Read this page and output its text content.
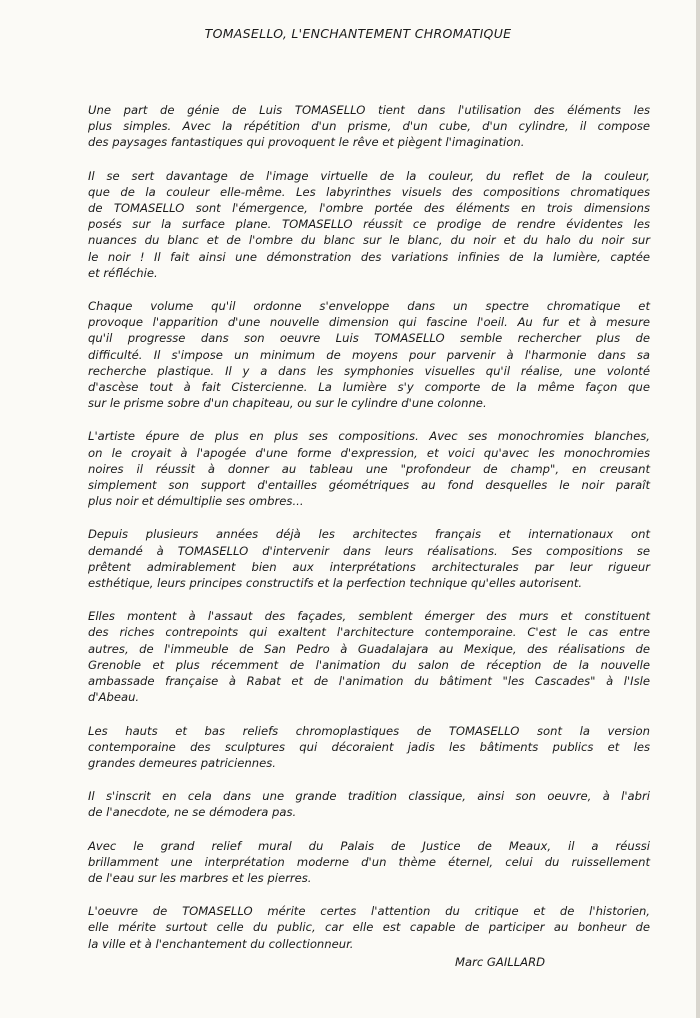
TOMASELLO, L'ENCHANTEMENT CHROMATIQUE
Une part de génie de Luis TOMASELLO tient dans l'utilisation des éléments les
plus simples. Avec la répétition d'un prisme, d'un cube, d'un cylindre, il compose
des paysages fantastiques qui provoquent le rêve et piègent l'imagination.
Il se sert davantage de l'image virtuelle de la couleur, du reflet de la couleur,
que de la couleur elle-même. Les labyrinthes visuels des compositions chromatiques
de TOMASELLO sont l'émergence, l'ombre portée des éléments en trois dimensions
posés sur la surface plane. TOMASELLO réussit ce prodige de rendre évidentes les
nuances du blanc et de l'ombre du blanc sur le blanc, du noir et du halo du noir sur
le noir ! Il fait ainsi une démonstration des variations infinies de la lumière, captée
et réfléchie.
Chaque volume qu'il ordonne s'enveloppe dans un spectre chromatique et
provoque l'apparition d'une nouvelle dimension qui fascine l'oeil. Au fur et à mesure
qu'il progresse dans son oeuvre Luis TOMASELLO semble rechercher plus de
difficulté. Il s'impose un minimum de moyens pour parvenir à l'harmonie dans sa
recherche plastique. Il y a dans les symphonies visuelles qu'il réalise, une volonté
d'ascèse tout à fait Cistercienne. La lumière s'y comporte de la même façon que
sur le prisme sobre d'un chapiteau, ou sur le cylindre d'une colonne.
L'artiste épure de plus en plus ses compositions. Avec ses monochromies blanches,
on le croyait à l'apogée d'une forme d'expression, et voici qu'avec les monochromies
noires il réussit à donner au tableau une "profondeur de champ", en creusant
simplement son support d'entailles géométriques au fond desquelles le noir paraît
plus noir et démultiplie ses ombres...
Depuis plusieurs années déjà les architectes français et internationaux ont
demandé à TOMASELLO d'intervenir dans leurs réalisations. Ses compositions se
prêtent admirablement bien aux interprétations architecturales par leur rigueur
esthétique, leurs principes constructifs et la perfection technique qu'elles autorisent.
Elles montent à l'assaut des façades, semblent émerger des murs et constituent
des riches contrepoints qui exaltent l'architecture contemporaine. C'est le cas entre
autres, de l'immeuble de San Pedro à Guadalajara au Mexique, des réalisations de
Grenoble et plus récemment de l'animation du salon de réception de la nouvelle
ambassade française à Rabat et de l'animation du bâtiment "les Cascades" à l'Isle
d'Abeau.
Les hauts et bas reliefs chromoplastiques de TOMASELLO sont la version
contemporaine des sculptures qui décoraient jadis les bâtiments publics et les
grandes demeures patriciennes.
Il s'inscrit en cela dans une grande tradition classique, ainsi son oeuvre, à l'abri
de l'anecdote, ne se démodera pas.
Avec le grand relief mural du Palais de Justice de Meaux, il a réussi
brillamment une interprétation moderne d'un thème éternel, celui du ruissellement
de l'eau sur les marbres et les pierres.
L'oeuvre de TOMASELLO mérite certes l'attention du critique et de l'historien,
elle mérite surtout celle du public, car elle est capable de participer au bonheur de
la ville et à l'enchantement du collectionneur.
Marc GAILLARD
